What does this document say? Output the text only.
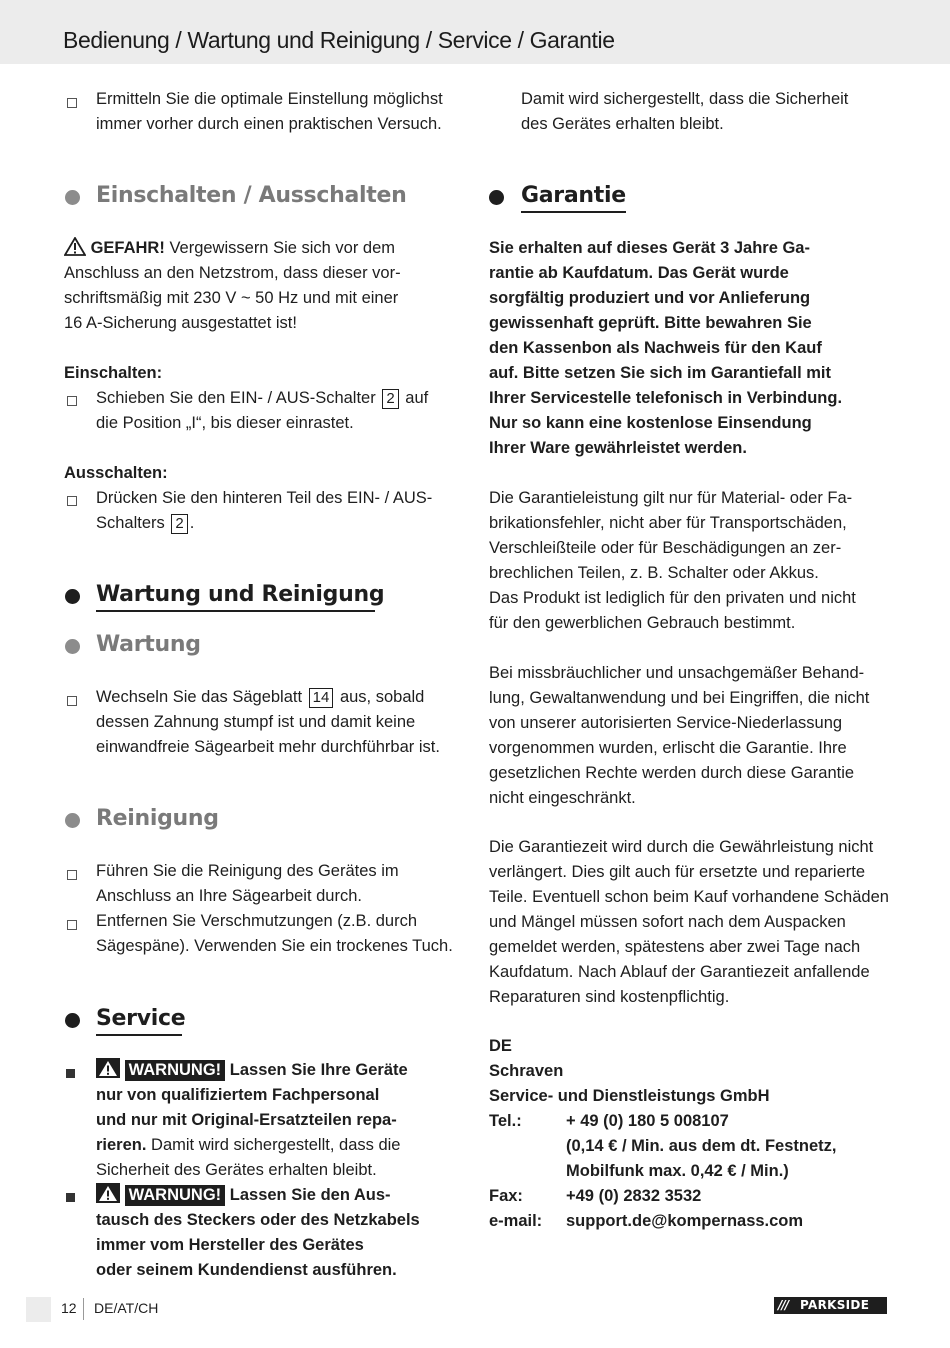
Bedienung / Wartung und Reinigung / Service / Garantie
Ermitteln Sie die optimale Einstellung möglichst
immer vorher durch einen praktischen Versuch.
Einschalten / Ausschalten
GEFAHR! Vergewissern Sie sich vor dem
Anschluss an den Netzstrom, dass dieser vor-
schriftsmäßig mit 230 V ~ 50 Hz und mit einer
16 A-Sicherung ausgestattet ist!
Einschalten:
Schieben Sie den EIN- / AUS-Schalter 2 auf
die Position „I“, bis dieser einrastet.
Ausschalten:
Drücken Sie den hinteren Teil des EIN- / AUS-
Schalters 2 .
Wartung und Reinigung
Wartung
Wechseln Sie das Sägeblatt 14 aus, sobald
dessen Zahnung stumpf ist und damit keine
einwandfreie Sägearbeit mehr durchführbar ist.
Reinigung
Führen Sie die Reinigung des Gerätes im
Anschluss an Ihre Sägearbeit durch.
Entfernen Sie Verschmutzungen (z.B. durch
Sägespäne). Verwenden Sie ein trockenes Tuch.
Service
WARNUNG! Lassen Sie Ihre Geräte
nur von qualifiziertem Fachpersonal
und nur mit Original-Ersatzteilen repa-
rieren. Damit wird sichergestellt, dass die
Sicherheit des Gerätes erhalten bleibt.
WARNUNG! Lassen Sie den Aus-
tausch des Steckers oder des Netzkabels
immer vom Hersteller des Gerätes
oder seinem Kundendienst ausführen.
Damit wird sichergestellt, dass die Sicherheit
des Gerätes erhalten bleibt.
Garantie
Sie erhalten auf dieses Gerät 3 Jahre Ga-
rantie ab Kaufdatum. Das Gerät wurde
sorgfältig produziert und vor Anlieferung
gewissenhaft geprüft. Bitte bewahren Sie
den Kassenbon als Nachweis für den Kauf
auf. Bitte setzen Sie sich im Garantiefall mit
Ihrer Servicestelle telefonisch in Verbindung.
Nur so kann eine kostenlose Einsendung
Ihrer Ware gewährleistet werden.
Die Garantieleistung gilt nur für Material- oder Fa-
brikationsfehler, nicht aber für Transportschäden,
Verschleißteile oder für Beschädigungen an zer-
brechlichen Teilen, z. B. Schalter oder Akkus.
Das Produkt ist lediglich für den privaten und nicht
für den gewerblichen Gebrauch bestimmt.
Bei missbräuchlicher und unsachgemäßer Behand-
lung, Gewaltanwendung und bei Eingriffen, die nicht
von unserer autorisierten Service-Niederlassung
vorgenommen wurden, erlischt die Garantie. Ihre
gesetzlichen Rechte werden durch diese Garantie
nicht eingeschränkt.
Die Garantiezeit wird durch die Gewährleistung nicht
verlängert. Dies gilt auch für ersetzte und reparierte
Teile. Eventuell schon beim Kauf vorhandene Schäden
und Mängel müssen sofort nach dem Auspacken
gemeldet werden, spätestens aber zwei Tage nach
Kaufdatum. Nach Ablauf der Garantiezeit anfallende
Reparaturen sind kostenpflichtig.
DE
Schraven
Service- und Dienstleistungs GmbH
Tel.:	+ 49 (0) 180 5 008107
(0,14 € / Min. aus dem dt. Festnetz,
Mobilfunk max. 0,42 € / Min.)
Fax:	+49 (0) 2832 3532
e-mail: support.de@kompernass.com
12 DE/AT/CH	/// PARKSIDE
